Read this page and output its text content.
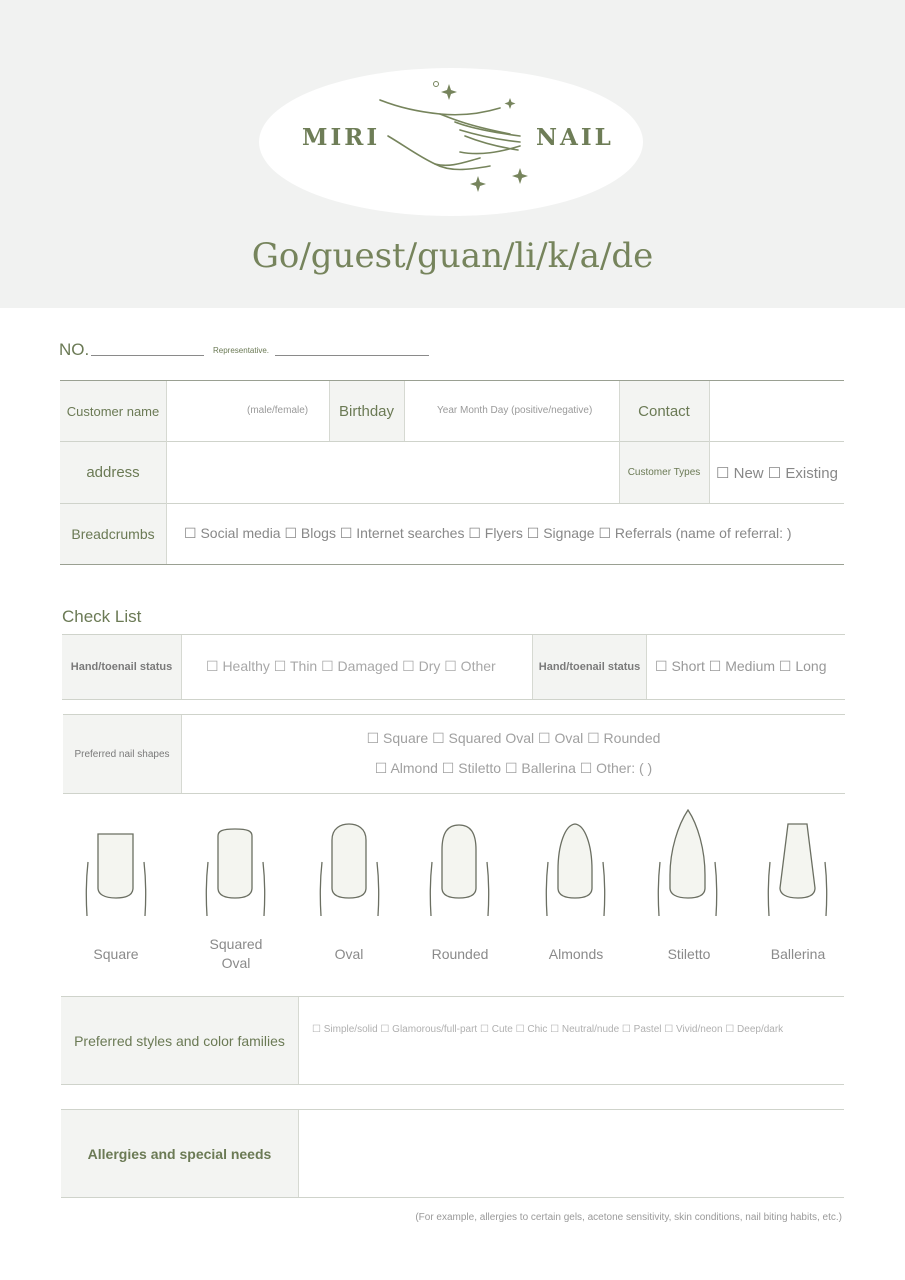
MIRI	NAIL
Go/guest/guan/li/k/a/de
NO.	Representative.
Customer name	(male/female)	Birthday	Year Month Day (positive/negative)	Contact
address	Customer Types	☐ New ☐ Existing
Breadcrumbs	☐ Social media ☐ Blogs ☐ Internet searches ☐ Flyers ☐ Signage ☐ Referrals (name of referral: )
Check List
Hand/toenail status	☐ Healthy ☐ Thin ☐ Damaged ☐ Dry ☐ Other	Hand/toenail status	☐ Short ☐ Medium ☐ Long
Preferred nail shapes
☐ Square ☐ Squared Oval ☐ Oval ☐ Rounded
☐ Almond ☐ Stiletto ☐ Ballerina ☐ Other: ( )
Square
Squared Oval
Oval	Rounded	Almonds	Stiletto	Ballerina
Preferred styles and color families
☐ Simple/solid ☐ Glamorous/full-part ☐ Cute ☐ Chic ☐ Neutral/nude ☐ Pastel ☐ Vivid/neon ☐ Deep/dark
Allergies and special needs
(For example, allergies to certain gels, acetone sensitivity, skin conditions, nail biting habits, etc.)
